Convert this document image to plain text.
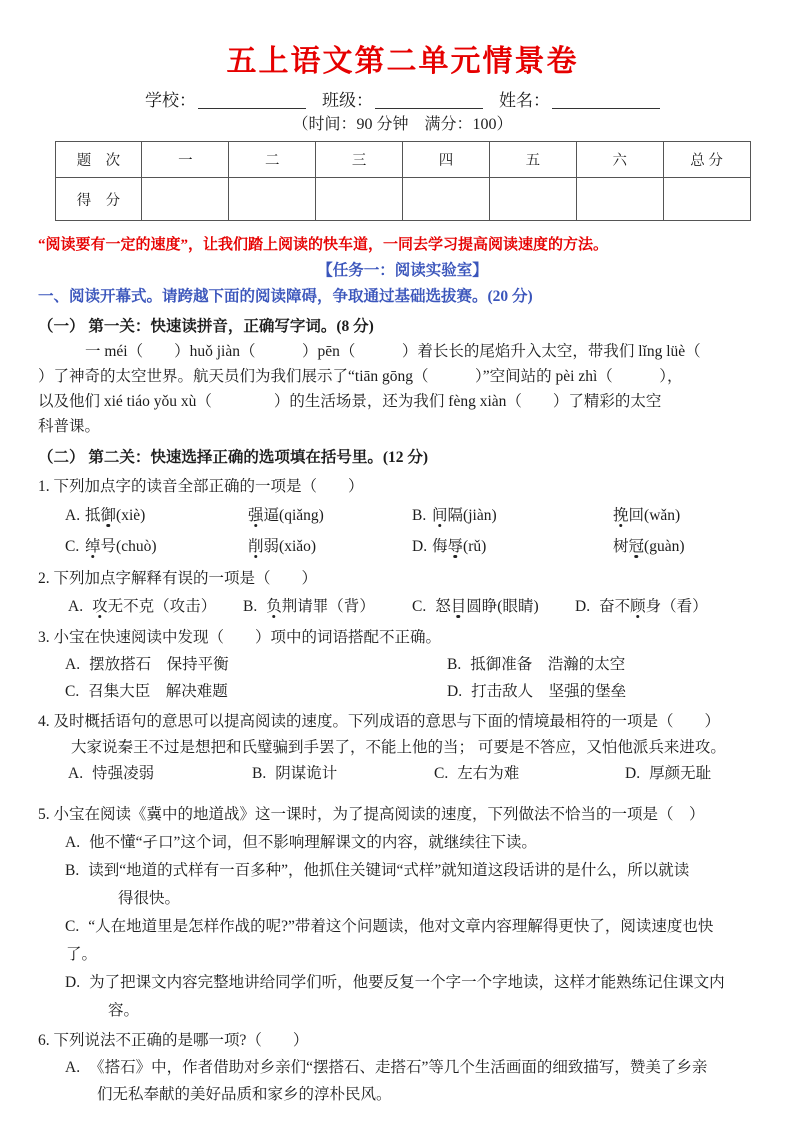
五上语文第二单元情景卷
学校：	班级：	姓名：
（时间：90 分钟　满分：100）
题　次	一	二	三	四	五	六	总 分
得　分							
“阅读要有一定的速度”，让我们踏上阅读的快车道，一同去学习提高阅读速度的方法。
【任务一：阅读实验室】
一、阅读开幕式。请跨越下面的阅读障碍，争取通过基础选拔赛。(20 分)
（一） 第一关：快速读拼音，正确写字词。(8 分)
一 méi（　　）huǒ jiàn（　　　）pēn（　　　）着长长的尾焰升入太空，带我们 lǐng lüè（
）了神奇的太空世界。航天员们为我们展示了“tiān gōng（　　　）”空间站的 pèi zhì（　　　），
以及他们 xié tiáo yǒu xù（　　　　）的生活场景，还为我们 fèng xiàn（　　）了精彩的太空
科普课。
（二） 第二关：快速选择正确的选项填在括号里。(12 分)
1. 下列加点字的读音全部正确的一项是（　　）
A. 抵御(xiè)	强逼(qiǎng)	B. 间隔(jiàn)	挽回(wǎn)
C. 绰号(chuò)	削弱(xiǎo)	D. 侮辱(rǔ)	树冠(guàn)
2. 下列加点字解释有误的一项是（　　）
A. 攻无不克（攻击）	B. 负荆请罪（背）	C. 怒目圆睁(眼睛)	D. 奋不顾身（看）
3. 小宝在快速阅读中发现（　　）项中的词语搭配不正确。
A. 摆放搭石　保持平衡	B. 抵御准备　浩瀚的太空
C. 召集大臣　解决难题	D. 打击敌人　坚强的堡垒
4. 及时概括语句的意思可以提高阅读的速度。下列成语的意思与下面的情境最相符的一项是（　　）
大家说秦王不过是想把和氏璧骗到手罢了，不能上他的当； 可要是不答应，又怕他派兵来进攻。
A. 恃强凌弱	B. 阴谋诡计	C. 左右为难	D. 厚颜无耻
5. 小宝在阅读《冀中的地道战》这一课时，为了提高阅读的速度，下列做法不恰当的一项是（　）
A. 他不懂“孑口”这个词，但不影响理解课文的内容，就继续往下读。
B. 读到“地道的式样有一百多种”，他抓住关键词“式样”就知道这段话讲的是什么，所以就读
得很快。
C. “人在地道里是怎样作战的呢?”带着这个问题读，他对文章内容理解得更快了，阅读速度也快
了。
D. 为了把课文内容完整地讲给同学们听，他要反复一个字一个字地读，这样才能熟练记住课文内
容。
6. 下列说法不正确的是哪一项?（　　）
A. 《搭石》中，作者借助对乡亲们“摆搭石、走搭石”等几个生活画面的细致描写，赞美了乡亲
们无私奉献的美好品质和家乡的淳朴民风。
